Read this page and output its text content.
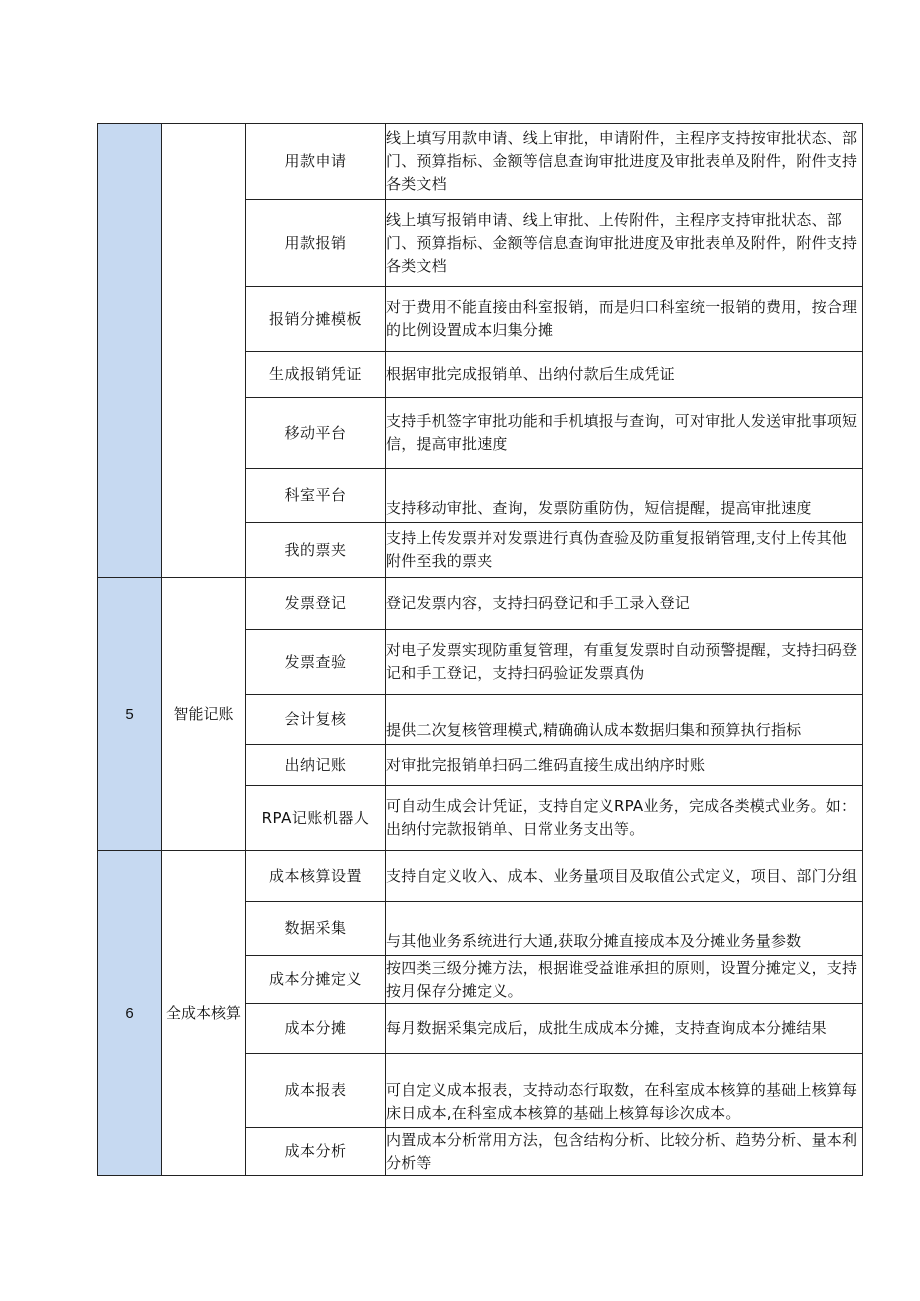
		用款申请	线上填写用款申请、线上审批，申请附件，主程序支持按审批状态、部门、预算指标、金额等信息查询审批进度及审批表单及附件，附件支持各类文档
		用款报销	线上填写报销申请、线上审批、上传附件，主程序支持审批状态、部门、预算指标、金额等信息查询审批进度及审批表单及附件，附件支持各类文档
		报销分摊模板	对于费用不能直接由科室报销，而是归口科室统一报销的费用，按合理的比例设置成本归集分摊
		生成报销凭证	根据审批完成报销单、出纳付款后生成凭证
		移动平台	支持手机签字审批功能和手机填报与查询，可对审批人发送审批事项短信，提高审批速度
		科室平台	支持移动审批、查询，发票防重防伪，短信提醒，提高审批速度
		我的票夹	支持上传发票并对发票进行真伪查验及防重复报销管理,支付上传其他附件至我的票夹
5	智能记账	发票登记	登记发票内容，支持扫码登记和手工录入登记
		发票查验	对电子发票实现防重复管理，有重复发票时自动预警提醒，支持扫码登记和手工登记，支持扫码验证发票真伪
		会计复核	提供二次复核管理模式,精确确认成本数据归集和预算执行指标
		出纳记账	对审批完报销单扫码二维码直接生成出纳序时账
		RPA记账机器人	可自动生成会计凭证，支持自定义RPA业务，完成各类模式业务。如：出纳付完款报销单、日常业务支出等。
6	全成本核算	成本核算设置	支持自定义收入、成本、业务量项目及取值公式定义，项目、部门分组
		数据采集	与其他业务系统进行大通,获取分摊直接成本及分摊业务量参数
		成本分摊定义	按四类三级分摊方法，根据谁受益谁承担的原则，设置分摊定义，支持按月保存分摊定义。
		成本分摊	每月数据采集完成后，成批生成成本分摊，支持查询成本分摊结果
		成本报表	可自定义成本报表，支持动态行取数，在科室成本核算的基础上核算每床日成本,在科室成本核算的基础上核算每诊次成本。
		成本分析	内置成本分析常用方法，包含结构分析、比较分析、趋势分析、量本利分析等
